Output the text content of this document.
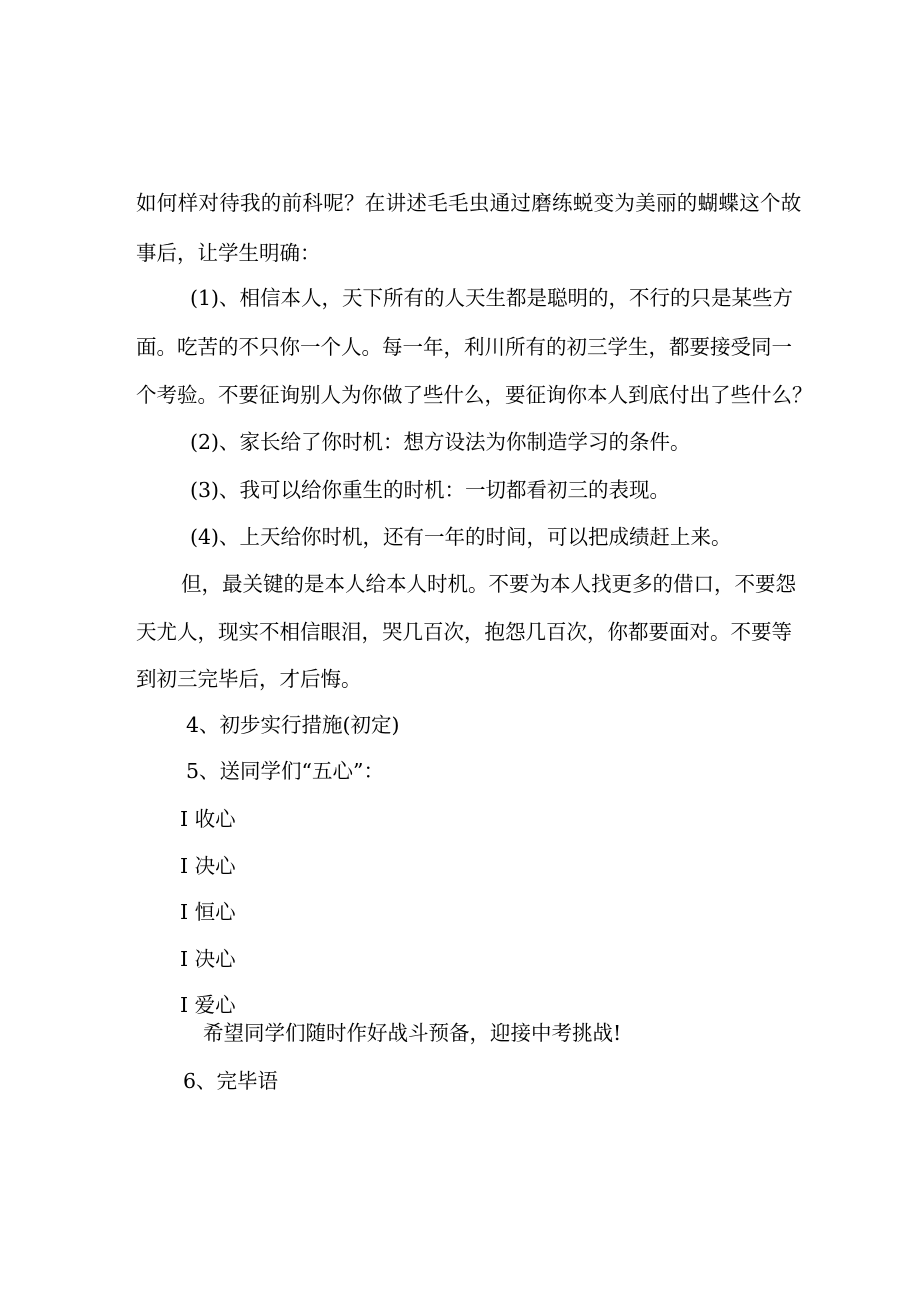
如何样对待我的前科呢？在讲述毛毛虫通过磨练蜕变为美丽的蝴蝶这个故
事后，让学生明确：
(1)、相信本人，天下所有的人天生都是聪明的，不行的只是某些方
面。吃苦的不只你一个人。每一年，利川所有的初三学生，都要接受同一
个考验。不要征询别人为你做了些什么，要征询你本人到底付出了些什么？
(2)、家长给了你时机：想方设法为你制造学习的条件。
(3)、我可以给你重生的时机：一切都看初三的表现。
(4)、上天给你时机，还有一年的时间，可以把成绩赶上来。
但，最关键的是本人给本人时机。不要为本人找更多的借口，不要怨
天尤人，现实不相信眼泪，哭几百次，抱怨几百次，你都要面对。不要等
到初三完毕后，才后悔。
4、初步实行措施(初定)
5、送同学们“五心”：
I 收心
I 决心
I 恒心
I 决心
I 爱心
希望同学们随时作好战斗预备，迎接中考挑战!
6、完毕语
